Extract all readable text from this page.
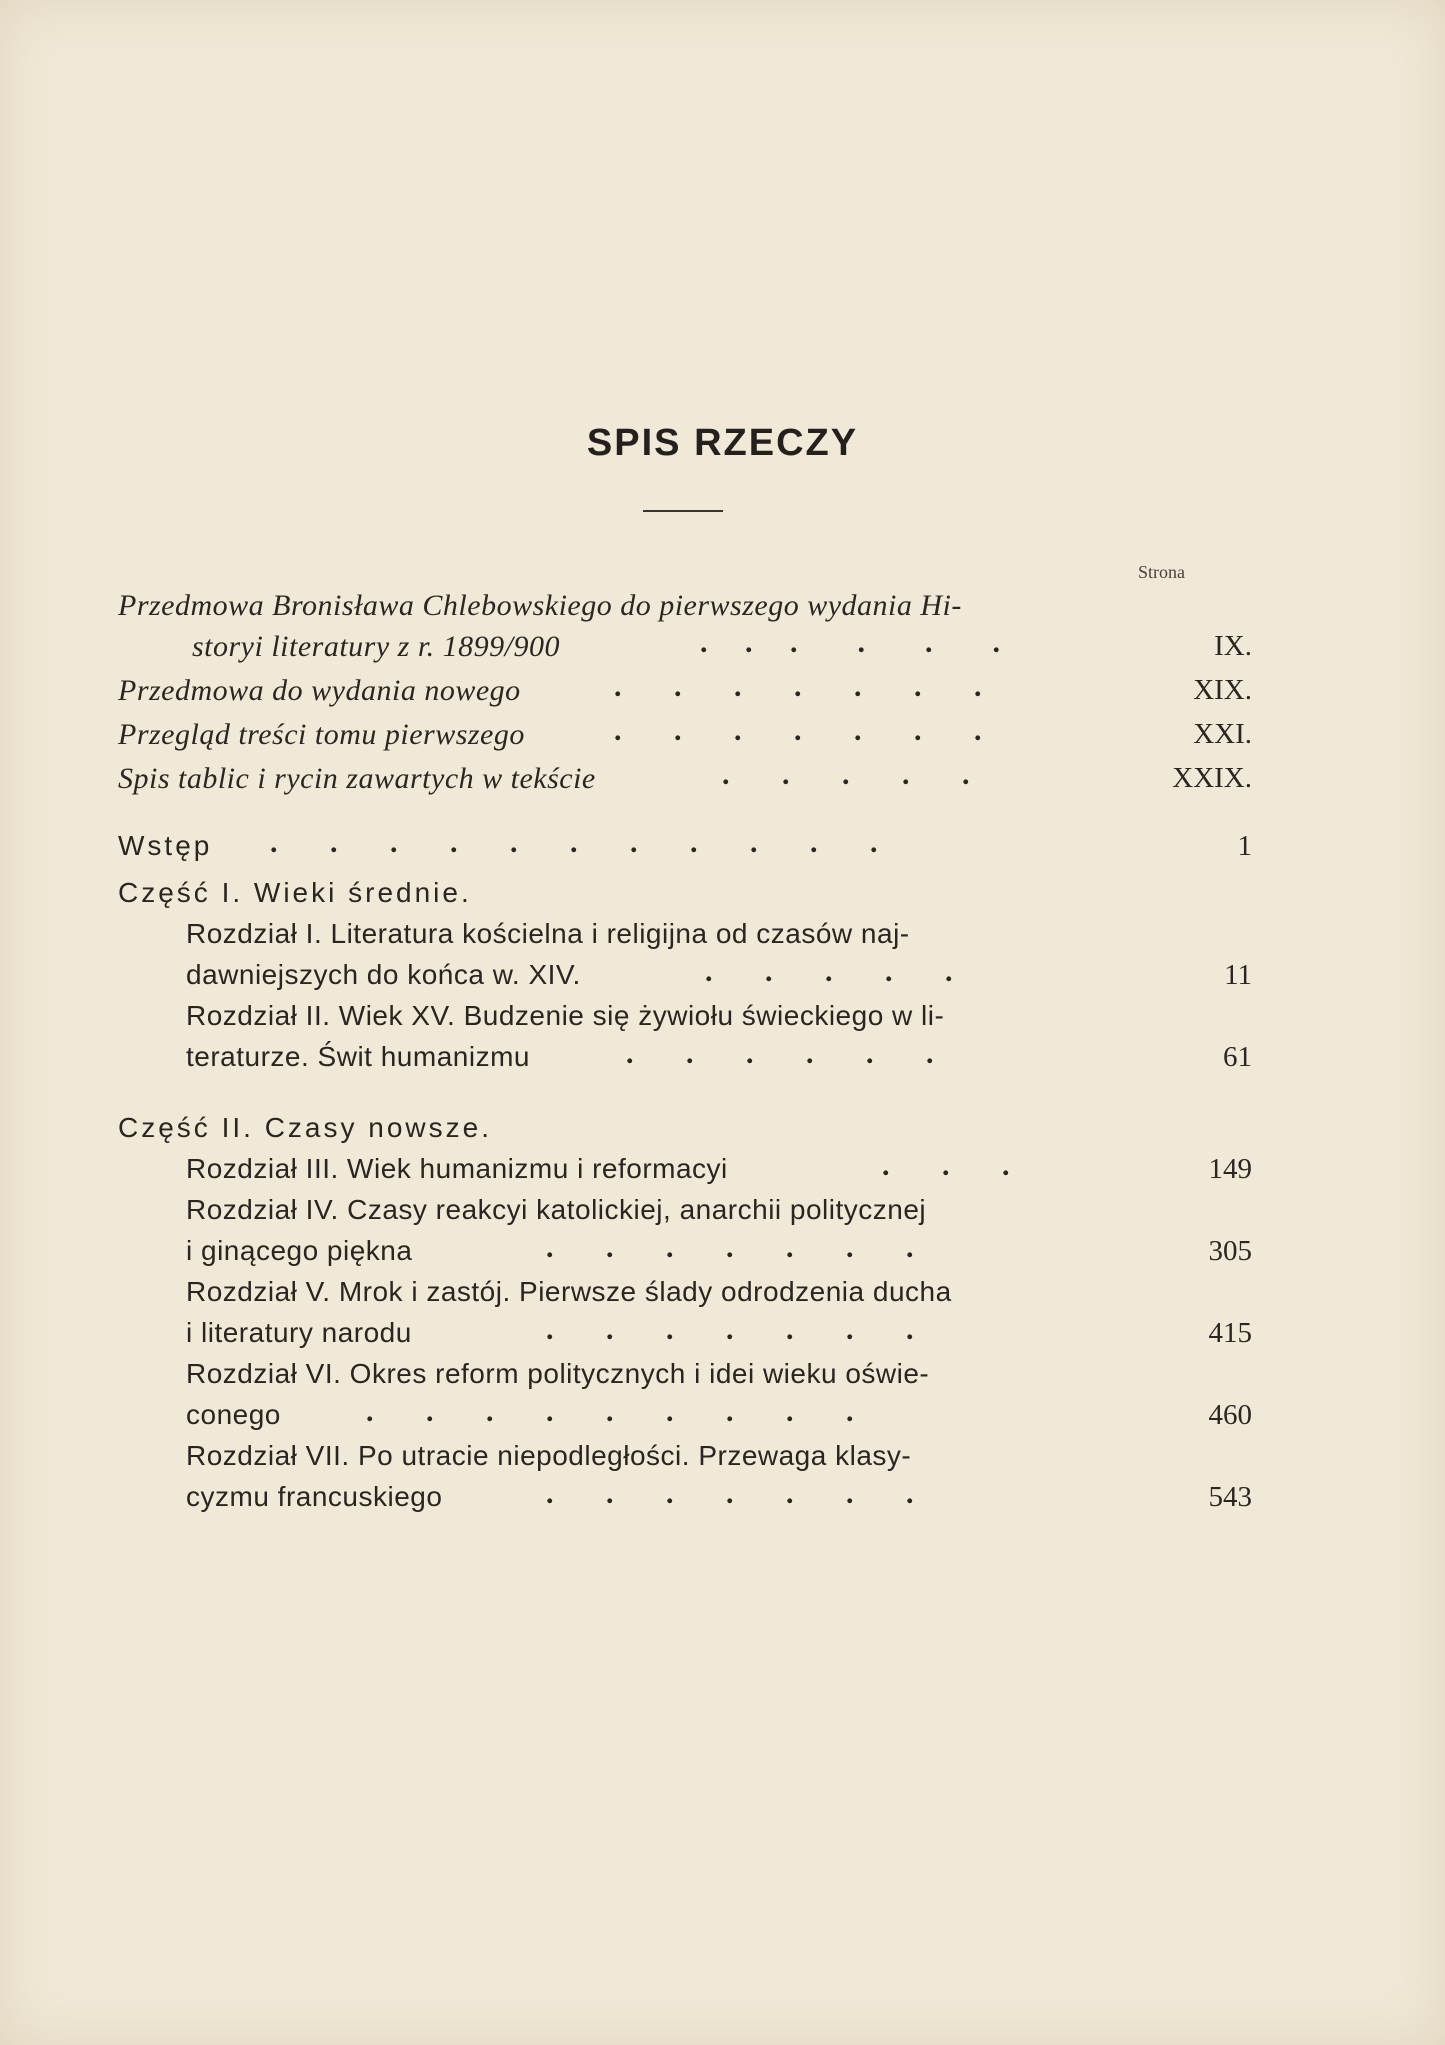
SPIS RZECZY
Strona
Przedmowa Bronisława Chlebowskiego do pierwszego wydania Hi-
storyi literatury z r. 1899/900	.     .     .        .        .        .	IX.
Przedmowa do wydania nowego	.       .       .       .       .       .       .	XIX.
Przegląd treści tomu pierwszego	.       .       .       .       .       .       .	XXI.
Spis tablic i rycin zawartych w tekście	.       .       .       .       .	XXIX.
Wstęp .       .       .       .       .       .       .       .       .       .       .	1
Część I. Wieki średnie.
Rozdział I. Literatura kościelna i religijna od czasów naj-
dawniejszych do końca w. XIV.	.       .       .       .       .	11
Rozdział II. Wiek XV. Budzenie się żywiołu świeckiego w li-
teraturze. Świt humanizmu	.       .       .       .       .       .	61
Część II. Czasy nowsze.
Rozdział III. Wiek humanizmu i reformacyi	.       .       .	149
Rozdział IV. Czasy reakcyi katolickiej, anarchii politycznej
i ginącego piękna	.       .       .       .       .       .       .	305
Rozdział V. Mrok i zastój. Pierwsze ślady odrodzenia ducha
i literatury narodu	.       .       .       .       .       .       .	415
Rozdział VI. Okres reform politycznych i idei wieku oświe-
conego	.       .       .       .       .       .       .       .       .	460
Rozdział VII. Po utracie niepodległości. Przewaga klasy-
cyzmu francuskiego	.       .       .       .       .       .       .	543
